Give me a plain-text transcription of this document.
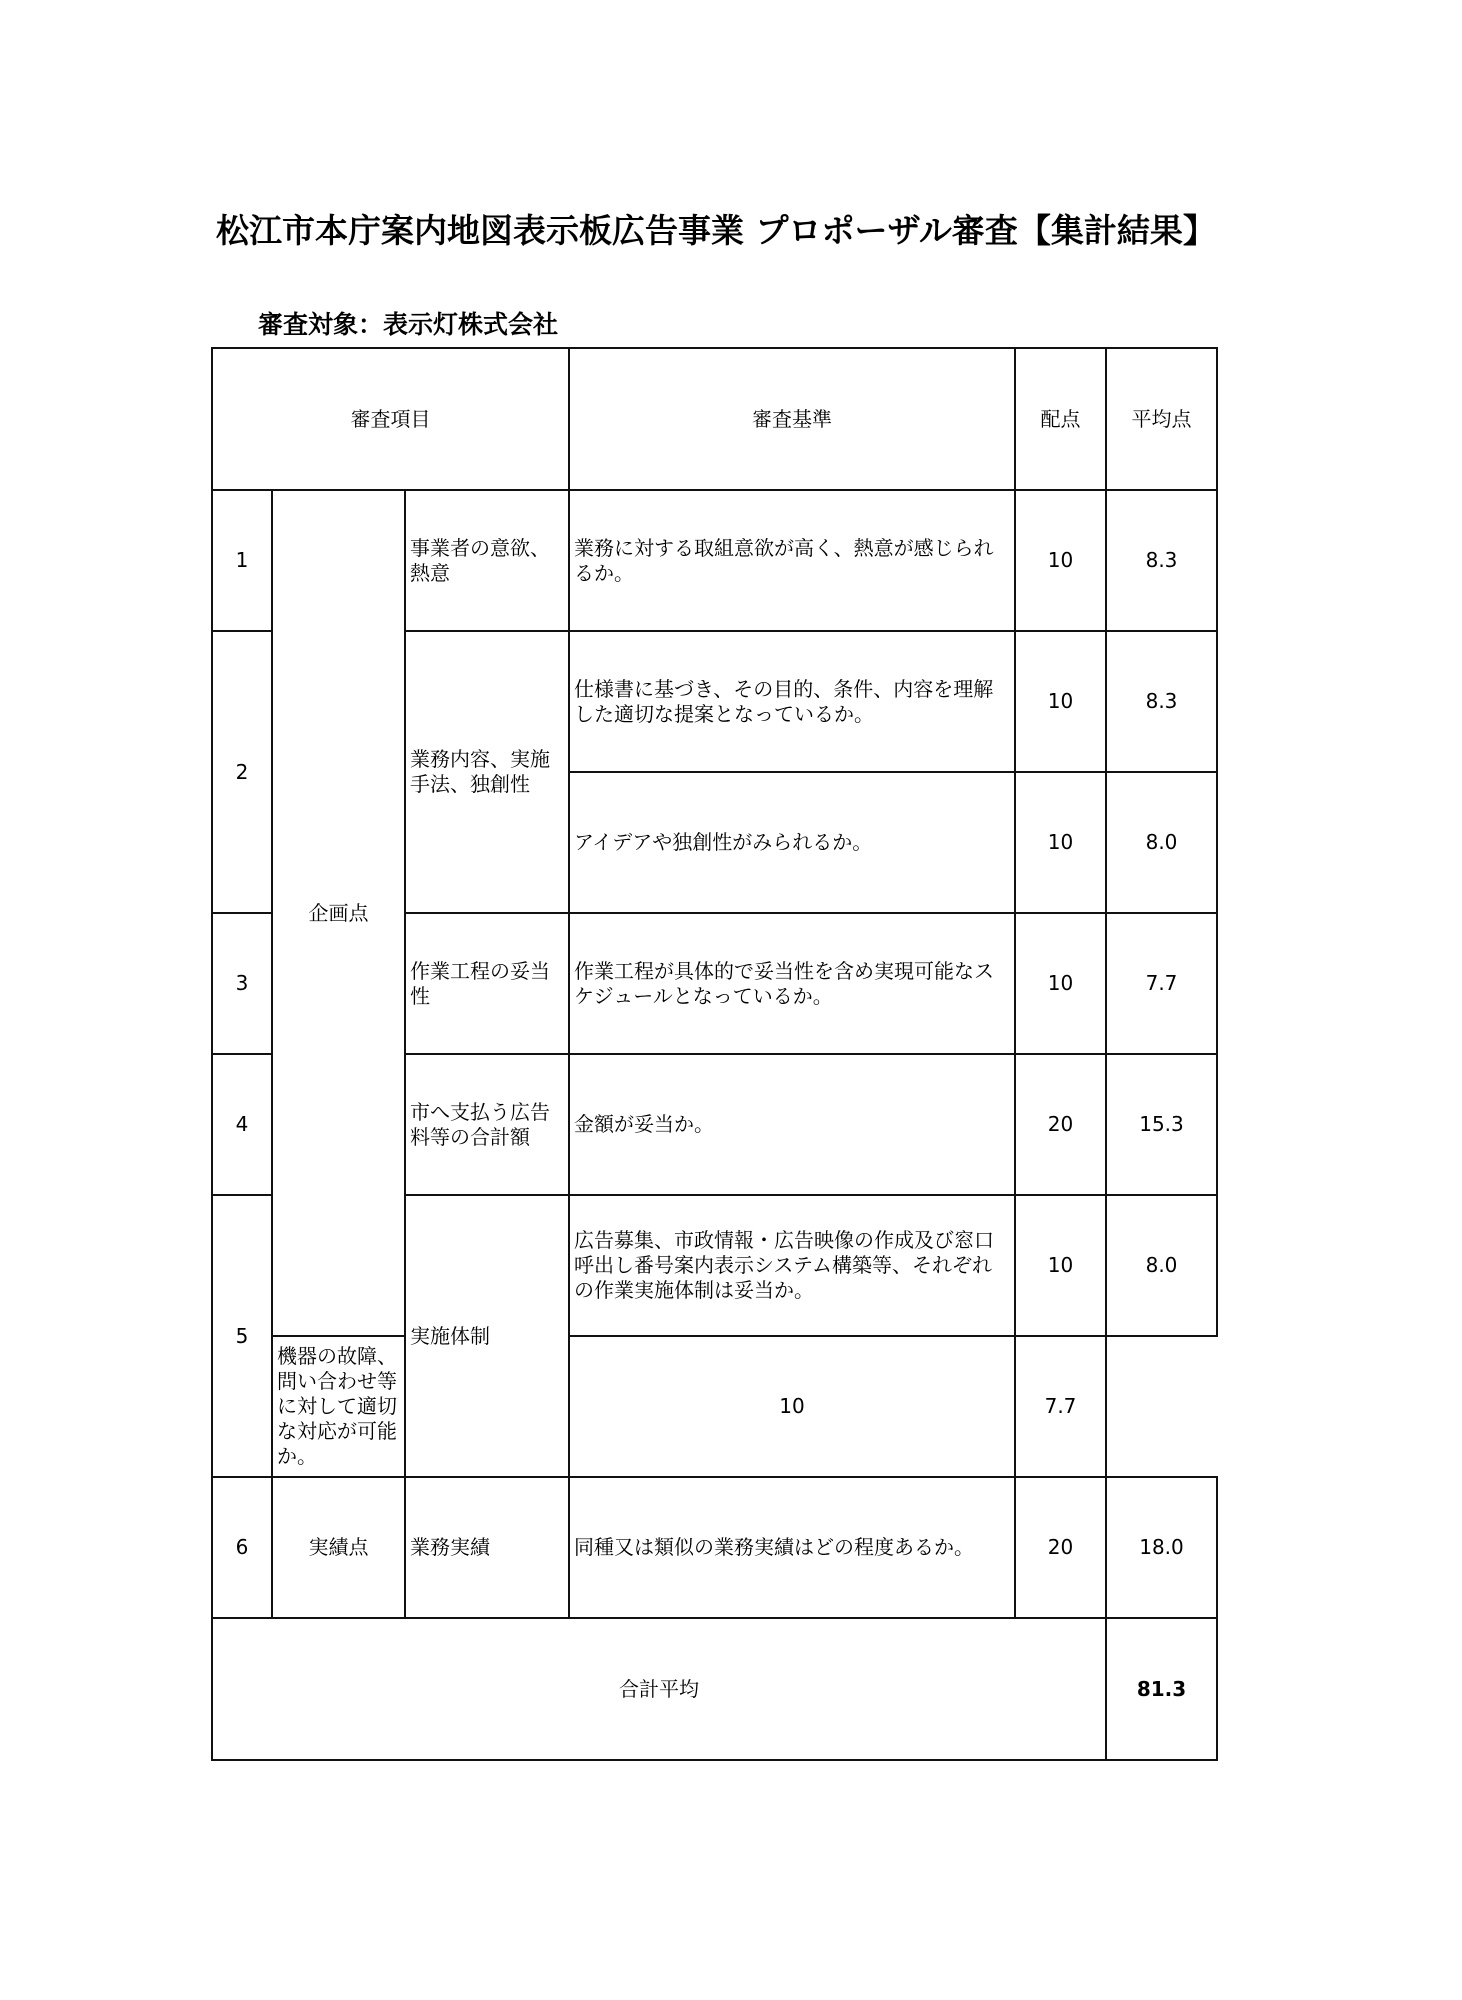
松江市本庁案内地図表示板広告事業 プロポーザル審査【集計結果】
審査対象：表示灯株式会社
審査項目			審査基準	配点	平均点
1	企画点	事業者の意欲、熱意	業務に対する取組意欲が高く、熱意が感じられるか。	10	8.3
2		業務内容、実施手法、独創性	仕様書に基づき、その目的、条件、内容を理解した適切な提案となっているか。	10	8.3
			アイデアや独創性がみられるか。	10	8.0
3		作業工程の妥当性	作業工程が具体的で妥当性を含め実現可能なスケジュールとなっているか。	10	7.7
4		市へ支払う広告料等の合計額	金額が妥当か。	20	15.3
5		実施体制	広告募集、市政情報・広告映像の作成及び窓口呼出し番号案内表示システム構築等、それぞれの作業実施体制は妥当か。	10	8.0
	機器の故障、問い合わせ等に対して適切な対応が可能か。		10	7.7	
6	実績点	業務実績	同種又は類似の業務実績はどの程度あるか。	20	18.0
合計平均					81.3
